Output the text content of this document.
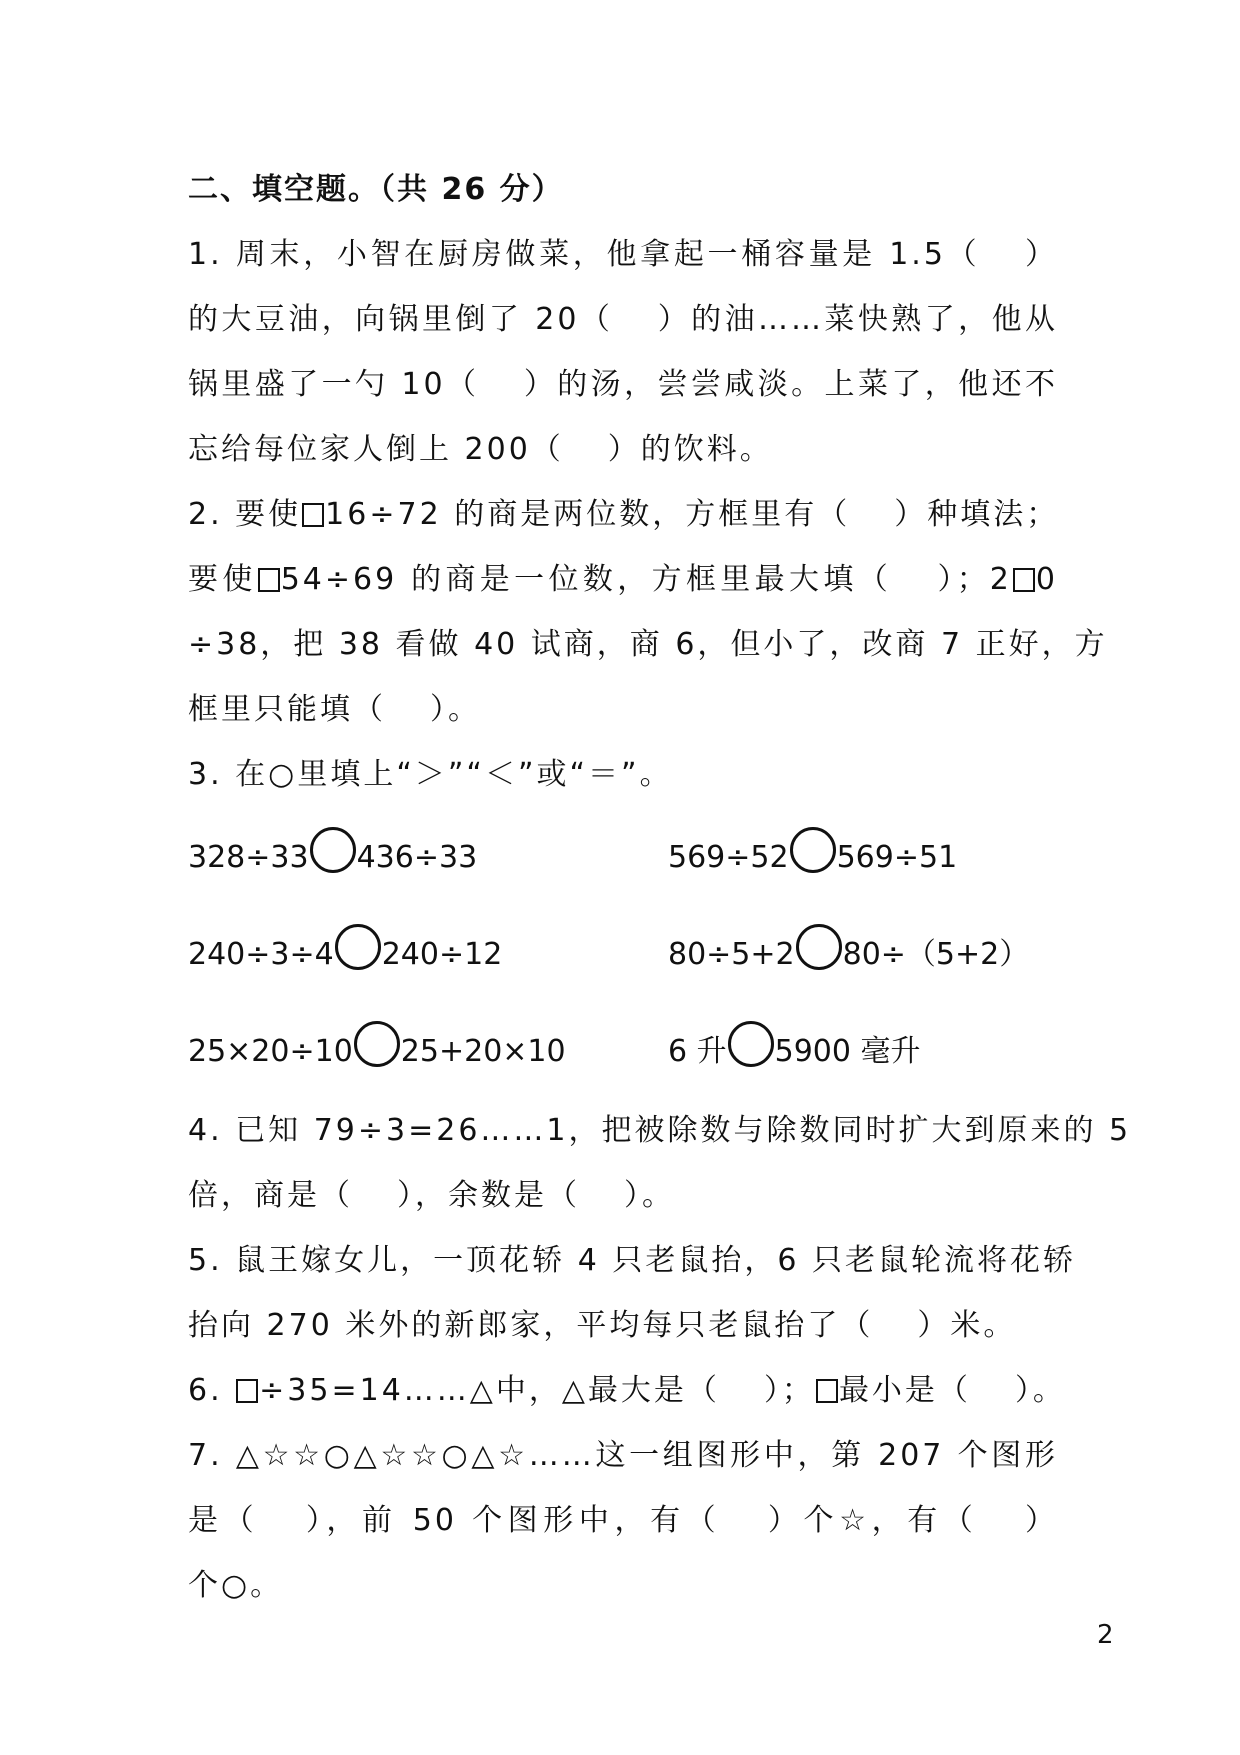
二、填空题。（共 26 分）
1. 周末，小智在厨房做菜，他拿起一桶容量是 1.5（ ）
的大豆油，向锅里倒了 20（ ）的油……菜快熟了，他从
锅里盛了一勺 10（ ）的汤，尝尝咸淡。上菜了，他还不
忘给每位家人倒上 200（ ）的饮料。
2. 要使 16÷72 的商是两位数，方框里有（ ）种填法；
要使 54÷69 的商是一位数，方框里最大填（ ）；2 0
÷38，把 38 看做 40 试商，商 6，但小了，改商 7 正好，方
框里只能填（ ）。
3. 在○里填上“＞”“＜”或“＝”。
328÷33 436÷33	569÷52 569÷51
240÷3÷4 240÷12	80÷5+2 80÷（5+2）
25×20÷10 25+20×10	6 升 5900 毫升
4. 已知 79÷3=26……1，把被除数与除数同时扩大到原来的 5
倍，商是（ ），余数是（ ）。
5. 鼠王嫁女儿，一顶花轿 4 只老鼠抬，6 只老鼠轮流将花轿
抬向 270 米外的新郎家，平均每只老鼠抬了（ ）米。
6. ÷35=14……△中，△最大是（ ）； 最小是（ ）。
7. △☆☆○△☆☆○△☆……这一组图形中，第 207 个图形
是（ ），前 50 个图形中，有（ ）个☆，有（ ）
个○。
2
